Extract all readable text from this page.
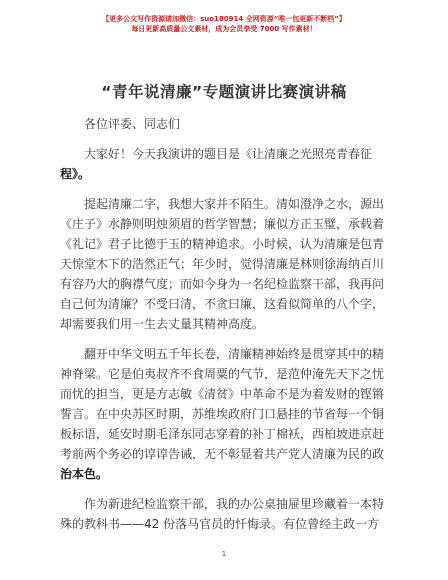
【更多公文写作资源请加微信：suo180914 全网资源“唯一包更新不断档”】
每日更新高质量公文素材，成为会员享受 7000 写作素材！
“青年说清廉”专题演讲比赛演讲稿
各位评委、同志们
大家好！今天我演讲的题目是《让清廉之光照亮青春征
程》。
提起清廉二字，我想大家并不陌生。清如澄净之水，源出
《庄子》水静则明烛须眉的哲学智慧；廉似方正玉璧，承载着
《礼记》君子比德于玉的精神追求。小时候，认为清廉是包青
天惊堂木下的浩然正气；年少时，觉得清廉是林则徐海纳百川
有容乃大的胸襟气度；而如今身为一名纪检监察干部，我再问
自己何为清廉？不受曰清，不贪曰廉，这看似简单的八个字，
却需要我们用一生去丈量其精神高度。
翻开中华文明五千年长卷，清廉精神始终是贯穿其中的精
神脊梁。它是伯夷叔齐不食周粟的气节，是范仲淹先天下之忧
而忧的担当，更是方志敏《清贫》中革命不是为着发财的铿锵
誓言。在中央苏区时期，苏维埃政府门口悬挂的节省每一个铜
板标语，延安时期毛泽东同志穿着的补丁棉袄，西柏坡进京赶
考前两个务必的谆谆告诫，无不彰显着共产党人清廉为民的政
治本色。
作为新进纪检监察干部，我的办公桌抽屉里珍藏着一本特
殊的教科书——42 份落马官员的忏悔录。有位曾经主政一方
1
